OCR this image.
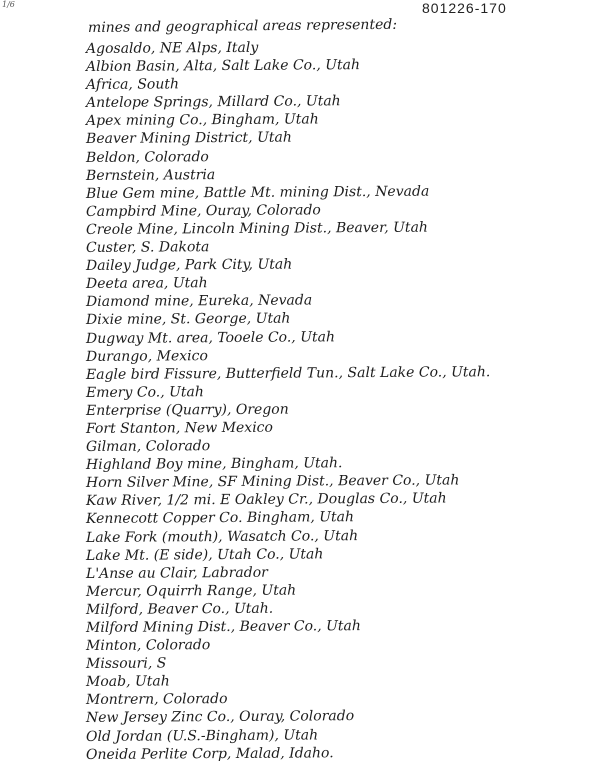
1/6	801226-170
mines and geographical areas represented:
Agosaldo, NE Alps, Italy
Albion Basin, Alta, Salt Lake Co., Utah
Africa, South
Antelope Springs, Millard Co., Utah
Apex mining Co., Bingham, Utah
Beaver Mining District, Utah
Beldon, Colorado
Bernstein, Austria
Blue Gem mine, Battle Mt. mining Dist., Nevada
Campbird Mine, Ouray, Colorado
Creole Mine, Lincoln Mining Dist., Beaver, Utah
Custer, S. Dakota
Dailey Judge, Park City, Utah
Deeta area, Utah
Diamond mine, Eureka, Nevada
Dixie mine, St. George, Utah
Dugway Mt. area, Tooele Co., Utah
Durango, Mexico
Eagle bird Fissure, Butterfield Tun., Salt Lake Co., Utah.
Emery Co., Utah
Enterprise (Quarry), Oregon
Fort Stanton, New Mexico
Gilman, Colorado
Highland Boy mine, Bingham, Utah.
Horn Silver Mine, SF Mining Dist., Beaver Co., Utah
Kaw River, 1/2 mi. E Oakley Cr., Douglas Co., Utah
Kennecott Copper Co. Bingham, Utah
Lake Fork (mouth), Wasatch Co., Utah
Lake Mt. (E side), Utah Co., Utah
L'Anse au Clair, Labrador
Mercur, Oquirrh Range, Utah
Milford, Beaver Co., Utah.
Milford Mining Dist., Beaver Co., Utah
Minton, Colorado
Missouri, S
Moab, Utah
Montrern, Colorado
New Jersey Zinc Co., Ouray, Colorado
Old Jordan (U.S.-Bingham), Utah
Oneida Perlite Corp, Malad, Idaho.
